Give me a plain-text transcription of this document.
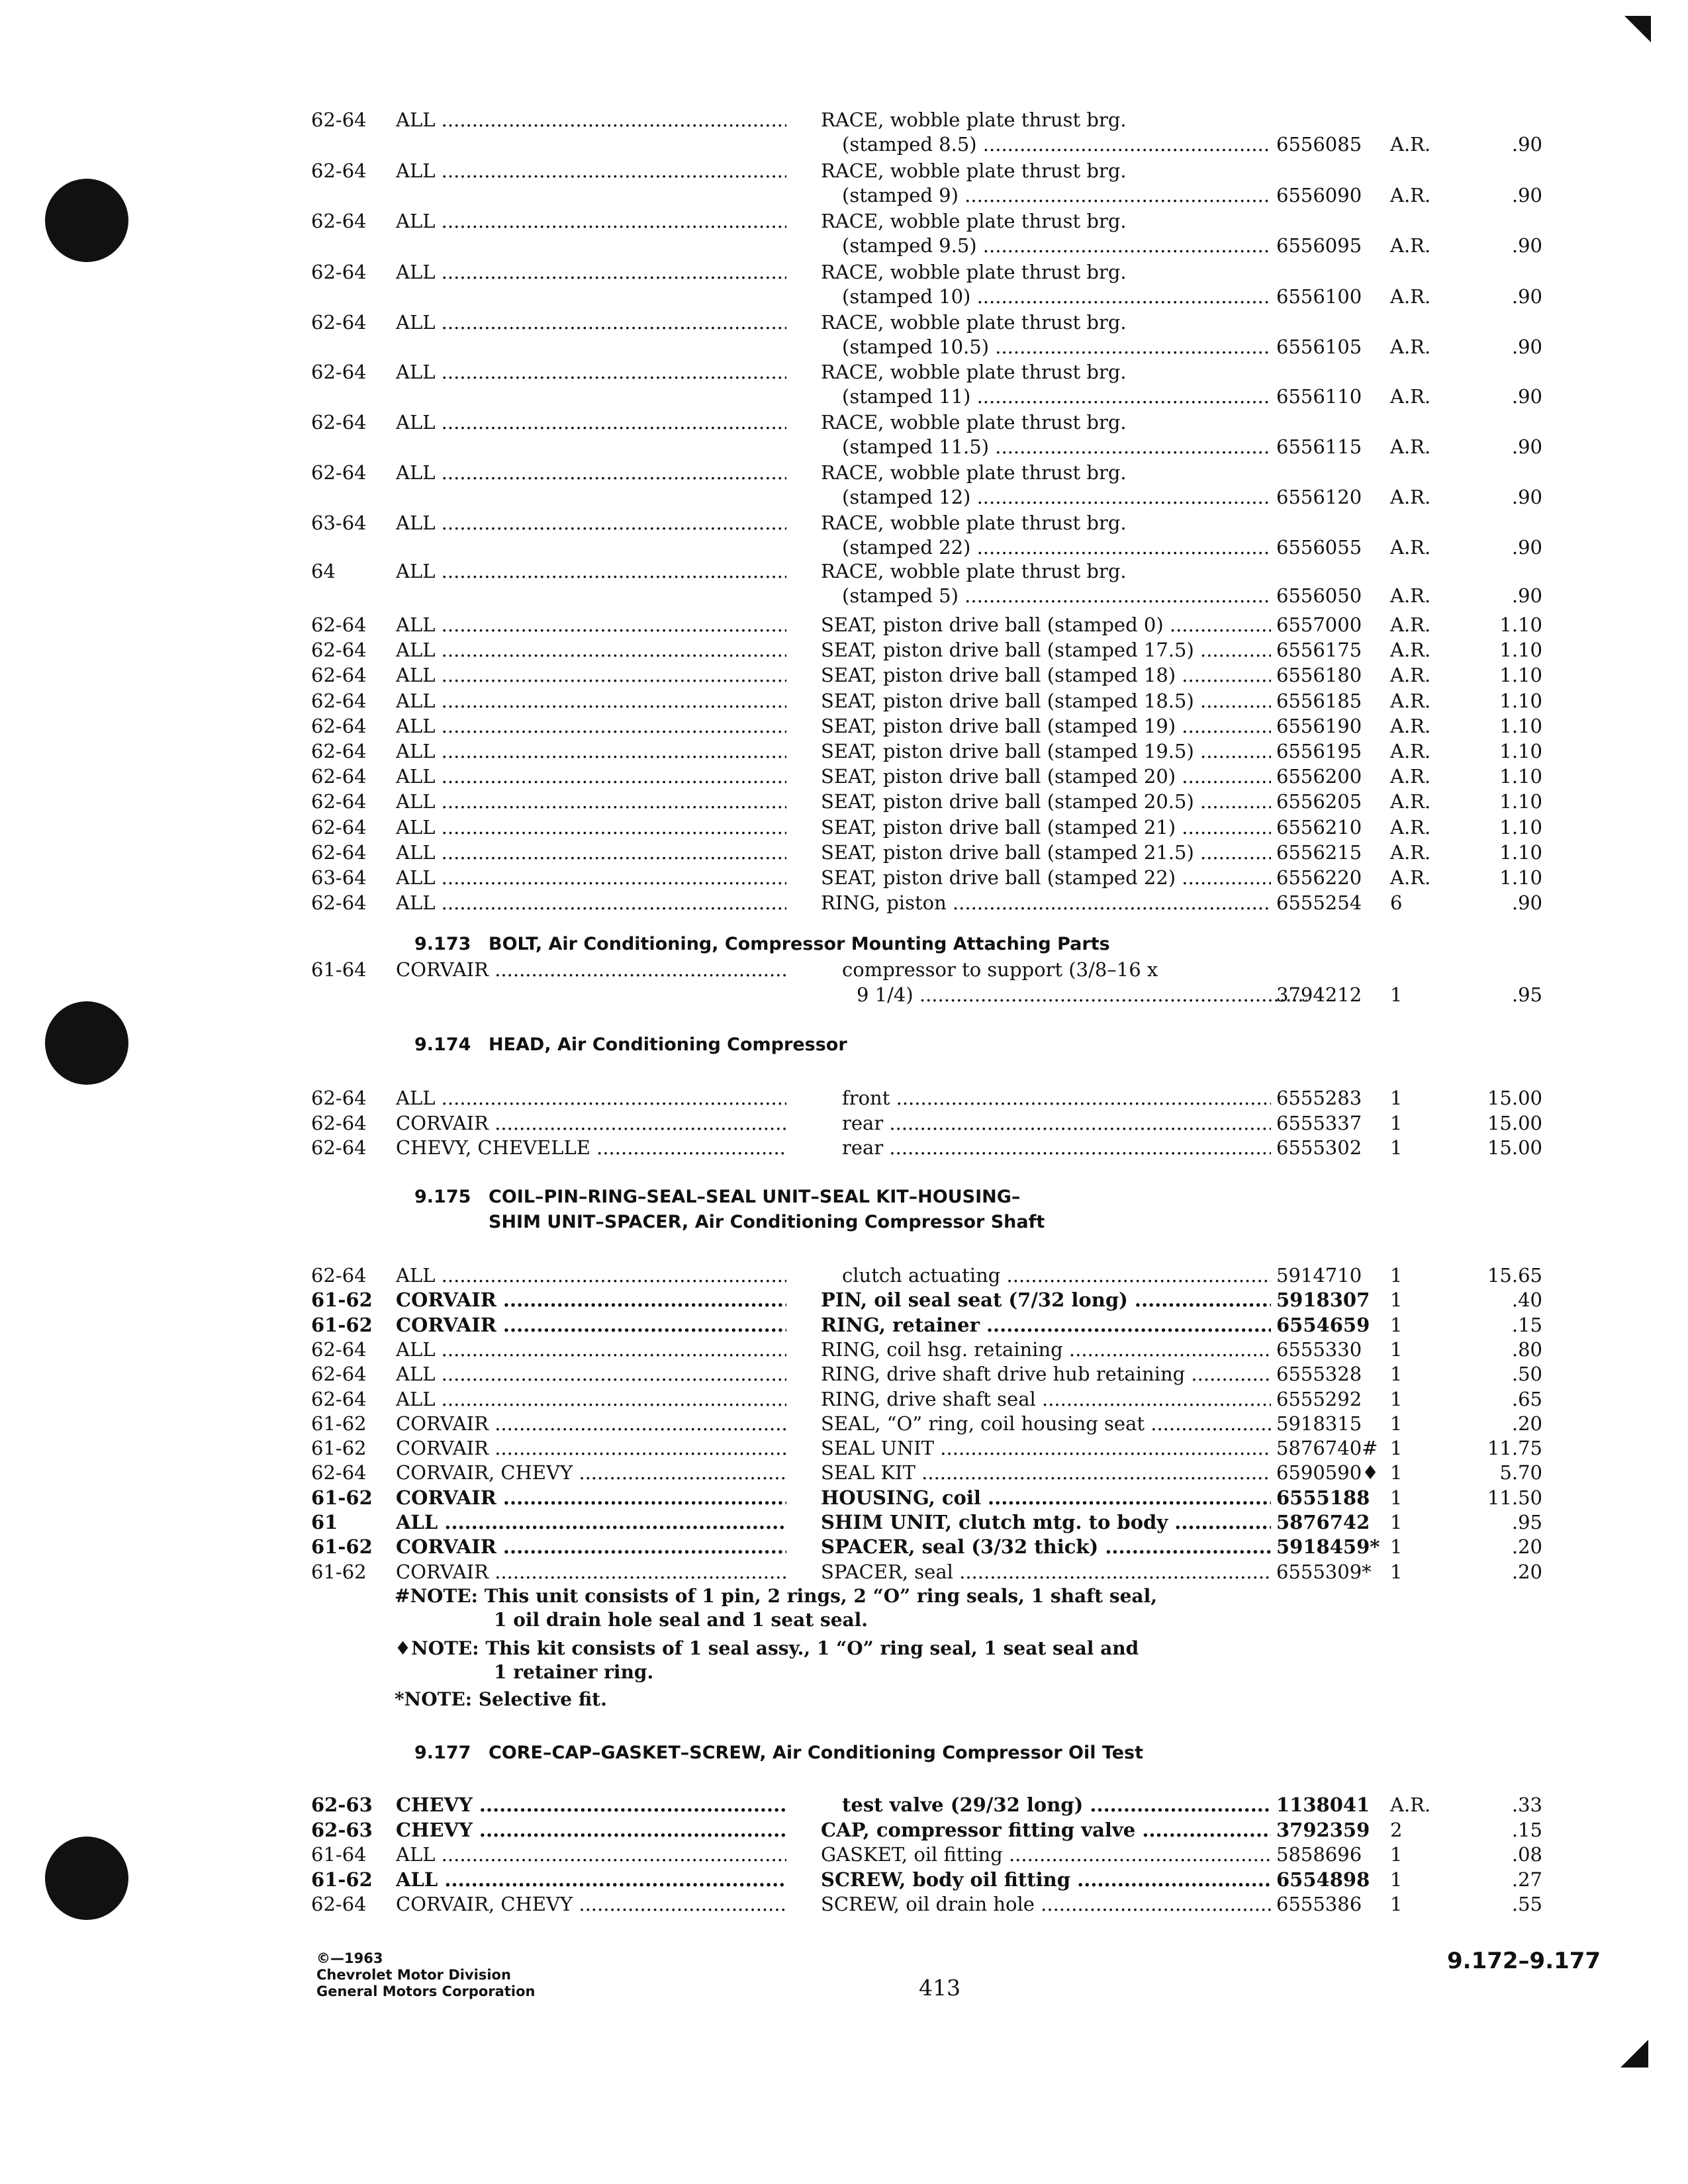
62-64 ALL .....	RACE, wobble plate thrust brg.
(stamped 8.5) .....	6556085 A.R.	.90
62-64 ALL .....	RACE, wobble plate thrust brg.
(stamped 9) .....	6556090 A.R.	.90
62-64 ALL .....	RACE, wobble plate thrust brg.
(stamped 9.5) .....	6556095 A.R.	.90
62-64 ALL .....	RACE, wobble plate thrust brg.
(stamped 10) .....	6556100 A.R.	.90
62-64 ALL .....	RACE, wobble plate thrust brg.
(stamped 10.5) .....	6556105 A.R.	.90
62-64 ALL .....	RACE, wobble plate thrust brg.
(stamped 11) .....	6556110 A.R.	.90
62-64 ALL .....	RACE, wobble plate thrust brg.
(stamped 11.5) .....	6556115 A.R.	.90
62-64 ALL .....	RACE, wobble plate thrust brg.
(stamped 12) .....	6556120 A.R.	.90
63-64 ALL .....	RACE, wobble plate thrust brg.
(stamped 22) .....	6556055 A.R.	.90
64	ALL .....	RACE, wobble plate thrust brg.
(stamped 5) .....	6556050 A.R.	.90
62-64 ALL .....	SEAT, piston drive ball (stamped 0) .....	6557000 A.R.	1.10
62-64 ALL .....	SEAT, piston drive ball (stamped 17.5) .....	6556175 A.R.	1.10
62-64 ALL .....	SEAT, piston drive ball (stamped 18) .....	6556180 A.R.	1.10
62-64 ALL .....	SEAT, piston drive ball (stamped 18.5) .....	6556185 A.R.	1.10
62-64 ALL .....	SEAT, piston drive ball (stamped 19) .....	6556190 A.R.	1.10
62-64 ALL .....	SEAT, piston drive ball (stamped 19.5) .....	6556195 A.R.	1.10
62-64 ALL .....	SEAT, piston drive ball (stamped 20) .....	6556200 A.R.	1.10
62-64 ALL .....	SEAT, piston drive ball (stamped 20.5) .....	6556205 A.R.	1.10
62-64 ALL .....	SEAT, piston drive ball (stamped 21) .....	6556210 A.R.	1.10
62-64 ALL .....	SEAT, piston drive ball (stamped 21.5) .....	6556215 A.R.	1.10
63-64 ALL .....	SEAT, piston drive ball (stamped 22) .....	6556220 A.R.	1.10
62-64 ALL .....	RING, piston .....	6555254 6	.90
9.173 BOLT, Air Conditioning, Compressor Mounting Attaching Parts
61-64 CORVAIR .....	compressor to support (3/8–16 x
9 1/4) .....	3794212 1	.95
9.174 HEAD, Air Conditioning Compressor
62-64 ALL .....	front .....	6555283 1	15.00
62-64 CORVAIR .....	rear .....	6555337 1	15.00
62-64 CHEVY, CHEVELLE .....	rear .....	6555302 1	15.00
9.175 COIL–PIN–RING–SEAL–SEAL UNIT–SEAL KIT–HOUSING–
SHIM UNIT–SPACER, Air Conditioning Compressor Shaft
62-64 ALL .....	clutch actuating .....	5914710 1	15.65
61-62 CORVAIR .....	PIN, oil seal seat (7/32 long) .....	5918307 1	.40
61-62 CORVAIR .....	RING, retainer .....	6554659 1	.15
62-64 ALL .....	RING, coil hsg. retaining .....	6555330 1	.80
62-64 ALL .....	RING, drive shaft drive hub retaining .....	6555328 1	.50
62-64 ALL .....	RING, drive shaft seal .....	6555292 1	.65
61-62 CORVAIR .....	SEAL, “O” ring, coil housing seat .....	5918315 1	.20
61-62 CORVAIR .....	SEAL UNIT .....	5876740# 1	11.75
62-64 CORVAIR, CHEVY .....	SEAL KIT .....	6590590♦ 1	5.70
61-62 CORVAIR .....	HOUSING, coil .....	6555188 1	11.50
61	ALL .....	SHIM UNIT, clutch mtg. to body .....	5876742 1	.95
61-62 CORVAIR .....	SPACER, seal (3/32 thick) .....	5918459* 1	.20
61-62 CORVAIR .....	SPACER, seal .....	6555309* 1	.20
#NOTE: This unit consists of 1 pin, 2 rings, 2 “O” ring seals, 1 shaft seal,
1 oil drain hole seal and 1 seat seal.
♦NOTE: This kit consists of 1 seal assy., 1 “O” ring seal, 1 seat seal and
1 retainer ring.
*NOTE: Selective fit.
9.177 CORE–CAP–GASKET–SCREW, Air Conditioning Compressor Oil Test
62-63 CHEVY .....	test valve (29/32 long) .....	1138041 A.R.	.33
62-63 CHEVY .....	CAP, compressor fitting valve .....	3792359 2	.15
61-64 ALL .....	GASKET, oil fitting .....	5858696 1	.08
61-62 ALL .....	SCREW, body oil fitting .....	6554898 1	.27
62-64 CORVAIR, CHEVY .....	SCREW, oil drain hole .....	6555386 1	.55
©—1963
Chevrolet Motor Division
General Motors Corporation	413
9.172–9.177
